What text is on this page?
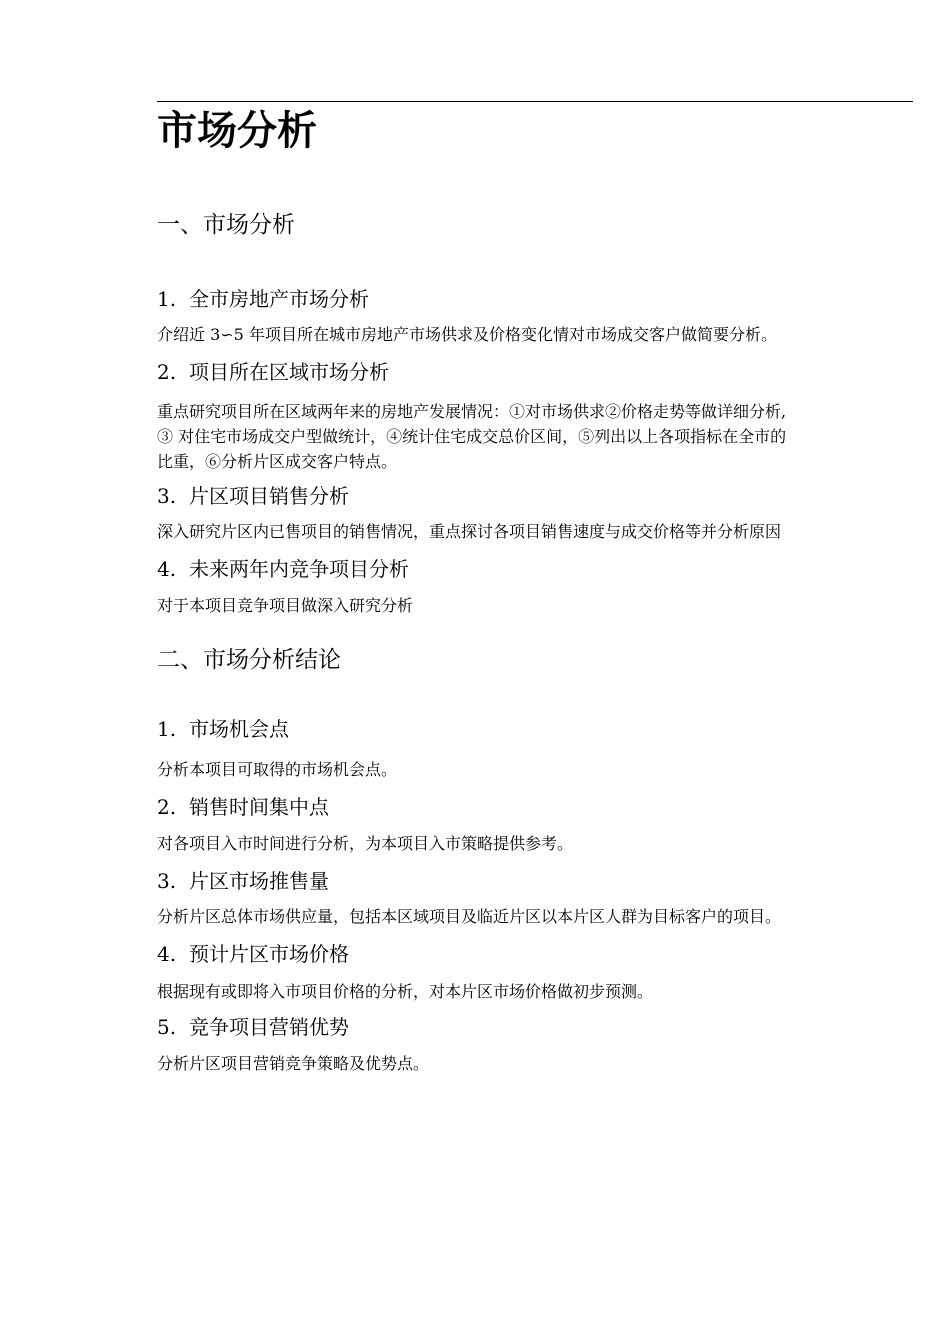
市场分析
一、市场分析
1. 全市房地产市场分析
介绍近 3∽5 年项目所在城市房地产市场供求及价格变化情对市场成交客户做简要分析。
2. 项目所在区域市场分析
重点研究项目所在区域两年来的房地产发展情况：①对市场供求②价格走势等做详细分析,
③ 对住宅市场成交户型做统计，④统计住宅成交总价区间，⑤列出以上各项指标在全市的
比重，⑥分析片区成交客户特点。
3. 片区项目销售分析
深入研究片区内已售项目的销售情况，重点探讨各项目销售速度与成交价格等并分析原因
4. 未来两年内竞争项目分析
对于本项目竞争项目做深入研究分析
二、市场分析结论
1. 市场机会点
分析本项目可取得的市场机会点。
2. 销售时间集中点
对各项目入市时间进行分析，为本项目入市策略提供参考。
3. 片区市场推售量
分析片区总体市场供应量，包括本区域项目及临近片区以本片区人群为目标客户的项目。
4. 预计片区市场价格
根据现有或即将入市项目价格的分析，对本片区市场价格做初步预测。
5. 竞争项目营销优势
分析片区项目营销竞争策略及优势点。
